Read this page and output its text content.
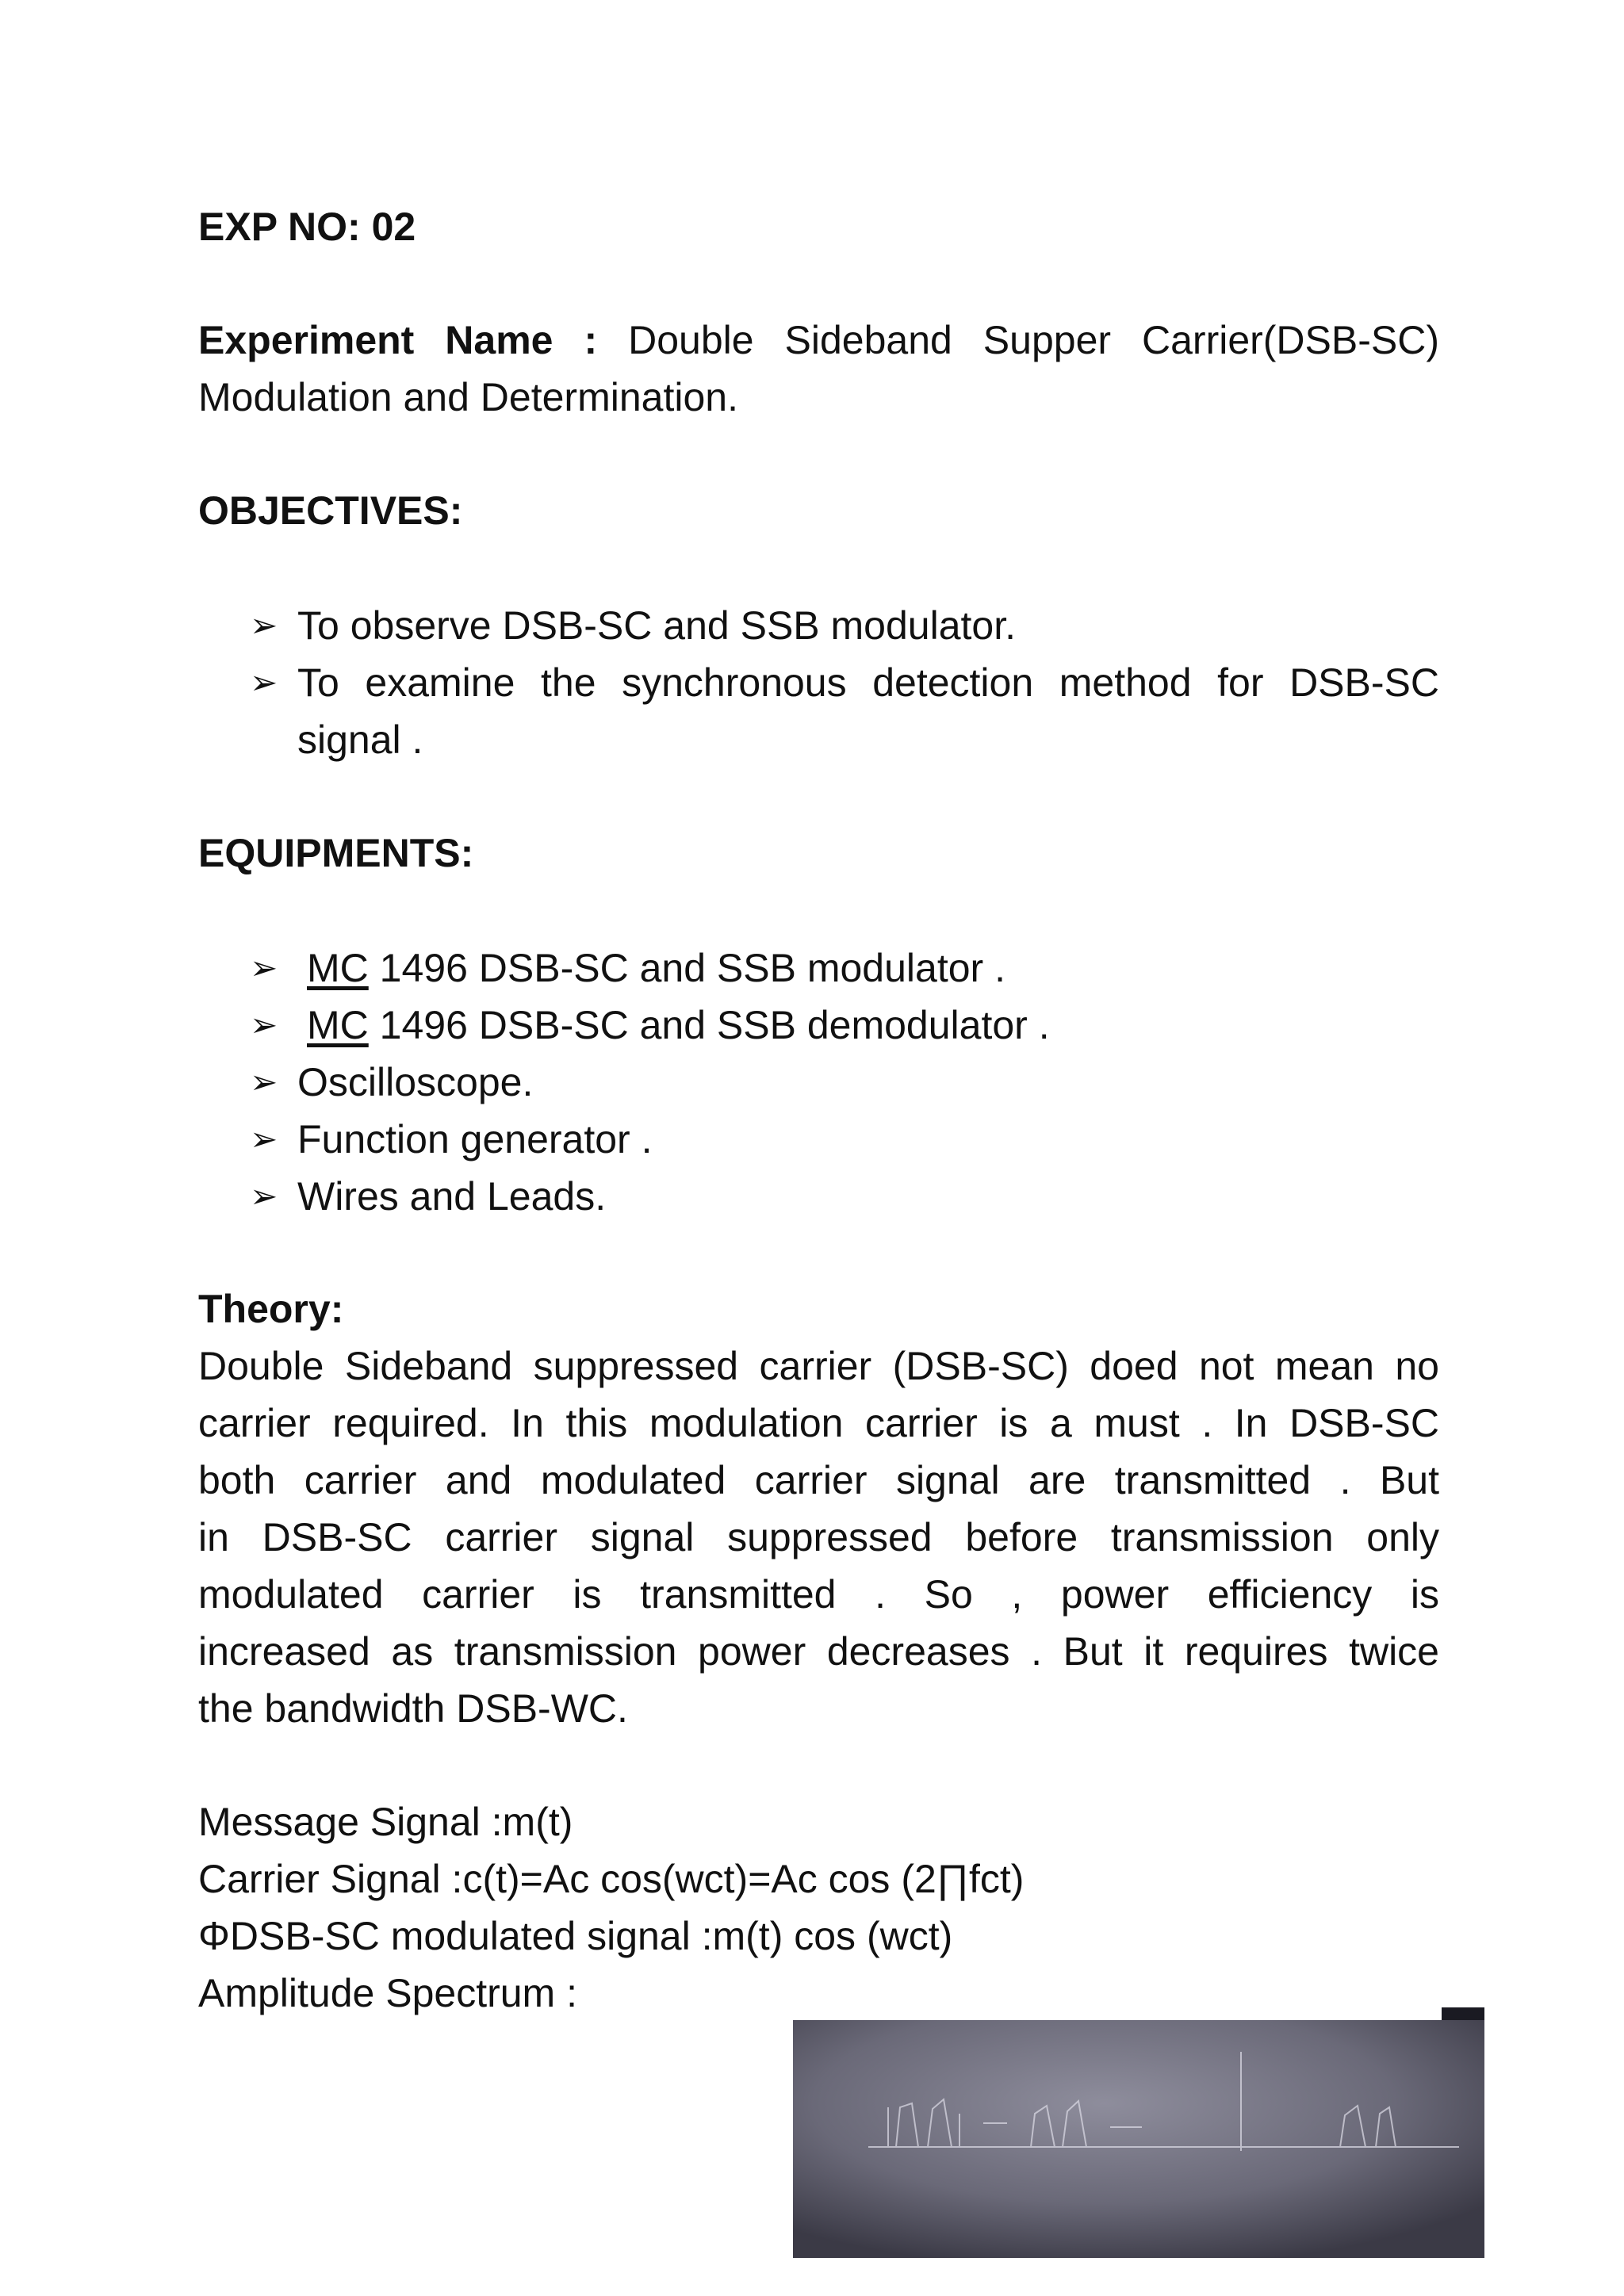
EXP NO: 02

Experiment Name : Double Sideband Supper Carrier(DSB-SC)
Modulation and Determination.

OBJECTIVES:

➢ To observe DSB-SC and SSB modulator.
➢ To examine the synchronous detection method for DSB-SC
signal .

EQUIPMENTS:

➢ MC 1496 DSB-SC and SSB modulator .
➢ MC 1496 DSB-SC and SSB demodulator .
➢ Oscilloscope.
➢ Function generator .
➢ Wires and Leads.

Theory:

Double Sideband suppressed carrier (DSB-SC) doed not mean no
carrier required. In this modulation carrier is a must . In DSB-SC
both carrier and modulated carrier signal are transmitted . But
in DSB-SC carrier signal suppressed before transmission only
modulated carrier is transmitted . So , power efficiency is
increased as transmission power decreases . But it requires twice
the bandwidth DSB-WC.
Message Signal :m(t)
Carrier Signal :c(t)=Ac cos(wct)=Ac cos (2∏fct)
ΦDSB-SC modulated signal :m(t) cos (wct)
Amplitude Spectrum :
